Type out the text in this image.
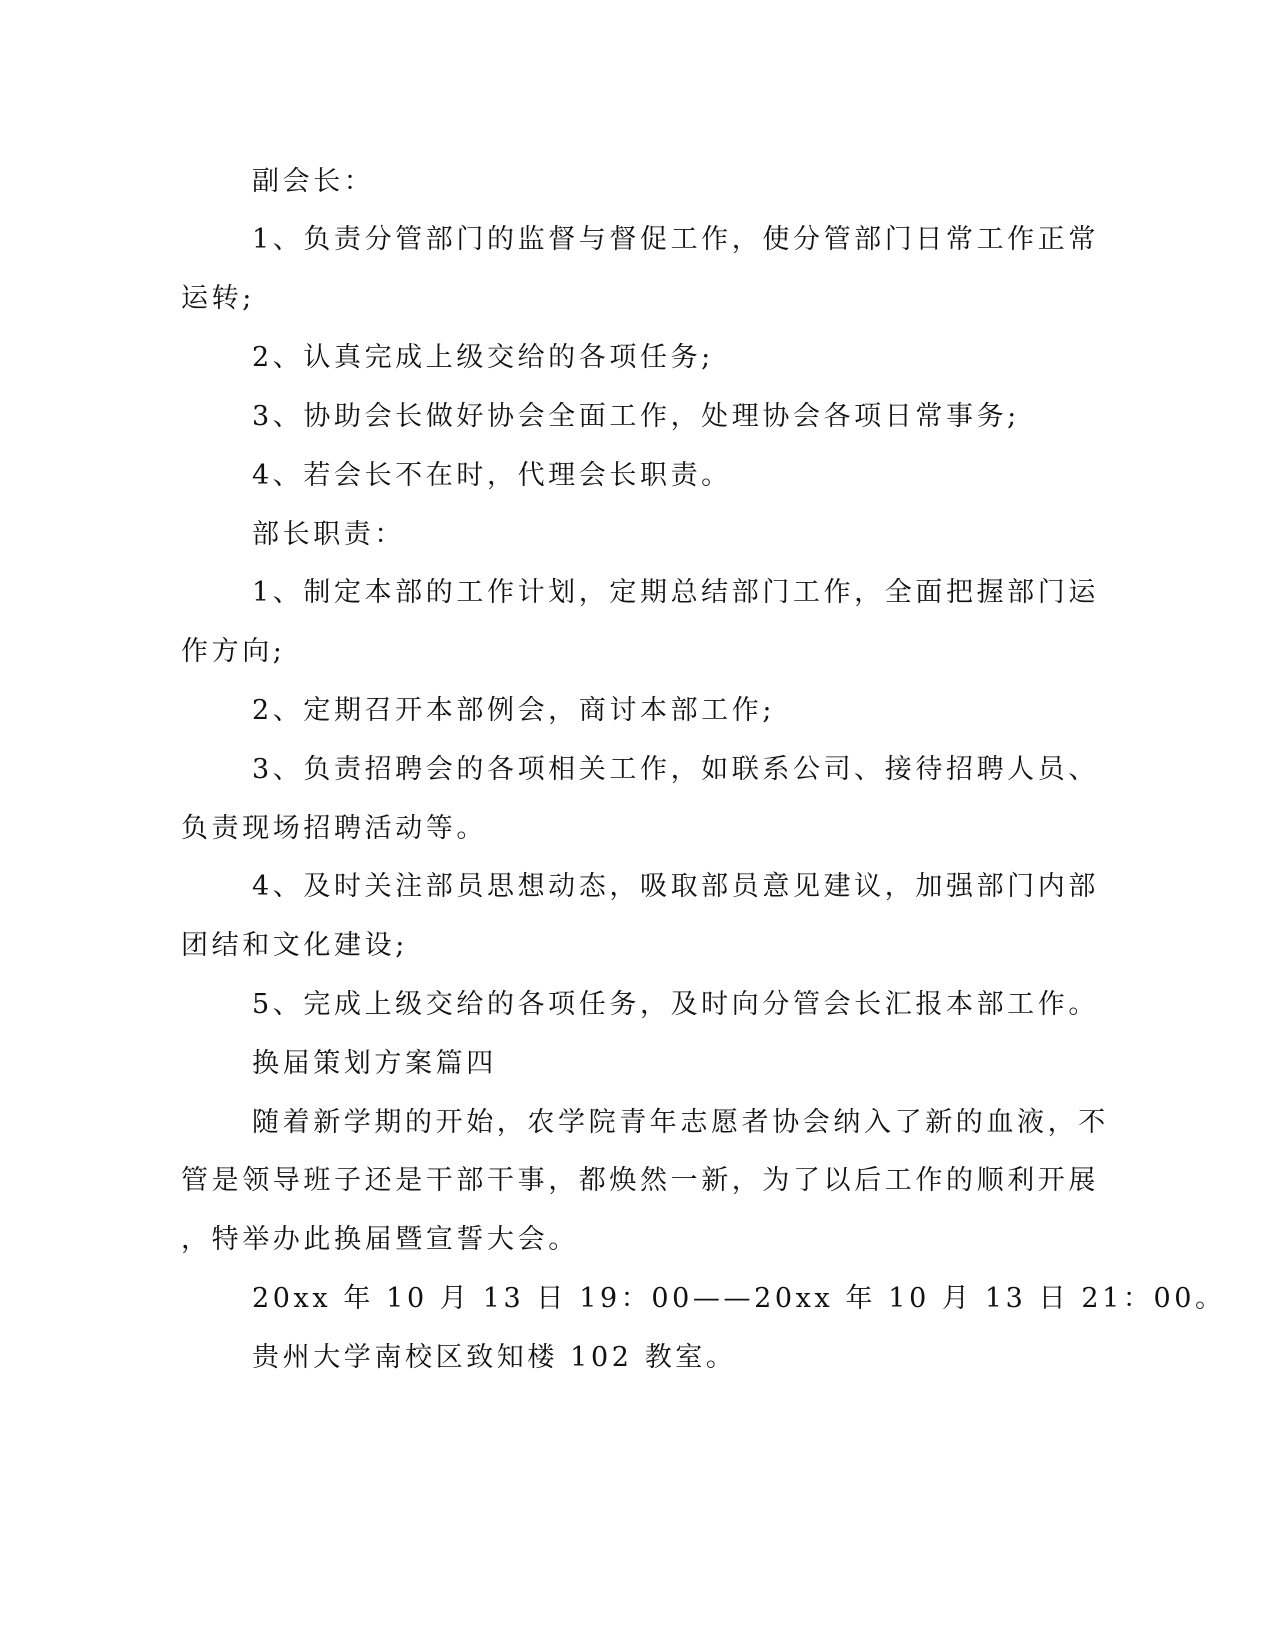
副会长：

1、负责分管部门的监督与督促工作，使分管部门日常工作正常

运转;

2、认真完成上级交给的各项任务;

3、协助会长做好协会全面工作，处理协会各项日常事务;

4、若会长不在时，代理会长职责。

部长职责：

1、制定本部的工作计划，定期总结部门工作，全面把握部门运

作方向;

2、定期召开本部例会，商讨本部工作;

3、负责招聘会的各项相关工作，如联系公司、接待招聘人员、

负责现场招聘活动等。

4、及时关注部员思想动态，吸取部员意见建议，加强部门内部

团结和文化建设;

5、完成上级交给的各项任务，及时向分管会长汇报本部工作。

换届策划方案篇四

随着新学期的开始，农学院青年志愿者协会纳入了新的血液，不

管是领导班子还是干部干事，都焕然一新，为了以后工作的顺利开展

，特举办此换届暨宣誓大会。

20xx 年 10 月 13 日 19：00——20xx 年 10 月 13 日 21：00。

贵州大学南校区致知楼 102 教室。
